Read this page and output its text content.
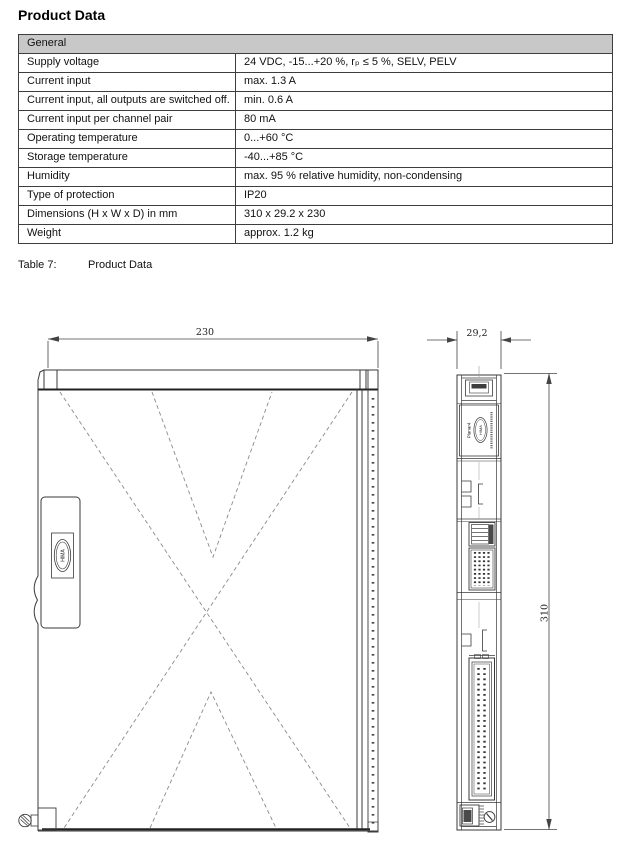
Product Data
General	
Supply voltage	24 VDC, -15...+20 %, rₚ ≤ 5 %, SELV, PELV
Current input	max. 1.3 A
Current input, all outputs are switched off.	min. 0.6 A
Current input per channel pair	80 mA
Operating temperature	0...+60 °C
Storage temperature	-40...+85 °C
Humidity	max. 95 % relative humidity, non-condensing
Type of protection	IP20
Dimensions (H x W x D) in mm	310 x 29.2 x 230
Weight	approx. 1.2 kg
Table 7:	Product Data
230
HIMA
29,2
310
Planar4 HIMA
